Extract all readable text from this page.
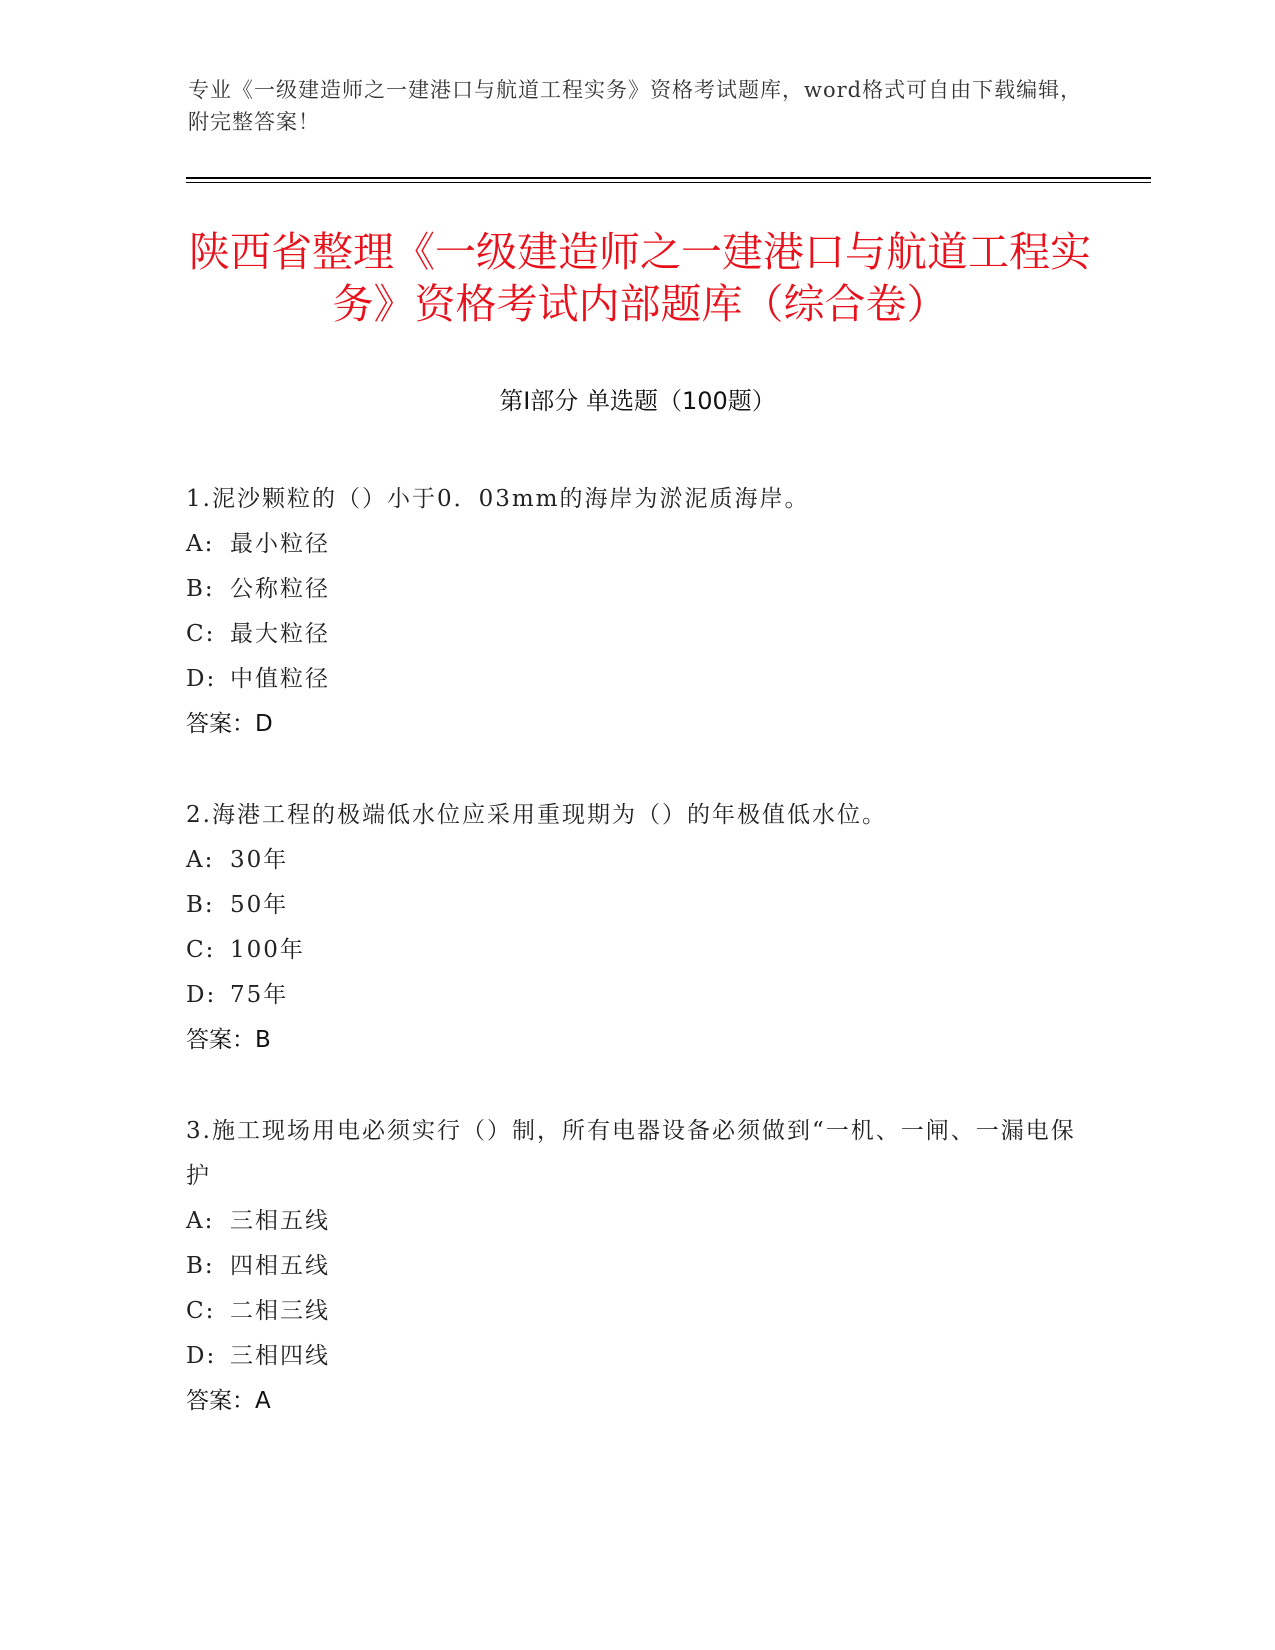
专业《一级建造师之一建港口与航道工程实务》资格考试题库，word格式可自由下载编辑，附完整答案！
陕西省整理《一级建造师之一建港口与航道工程实务》资格考试内部题库（综合卷）
第Ⅰ部分 单选题（100题）
1.泥沙颗粒的（）小于0．03mm的海岸为淤泥质海岸。
A: 最小粒径
B: 公称粒径
C: 最大粒径
D: 中值粒径
答案：D
2.海港工程的极端低水位应采用重现期为（）的年极值低水位。
A: 30年
B: 50年
C: 100年
D: 75年
答案：B
3.施工现场用电必须实行（）制，所有电器设备必须做到“一机、一闸、一漏电保护
A: 三相五线
B: 四相五线
C: 二相三线
D: 三相四线
答案：A
